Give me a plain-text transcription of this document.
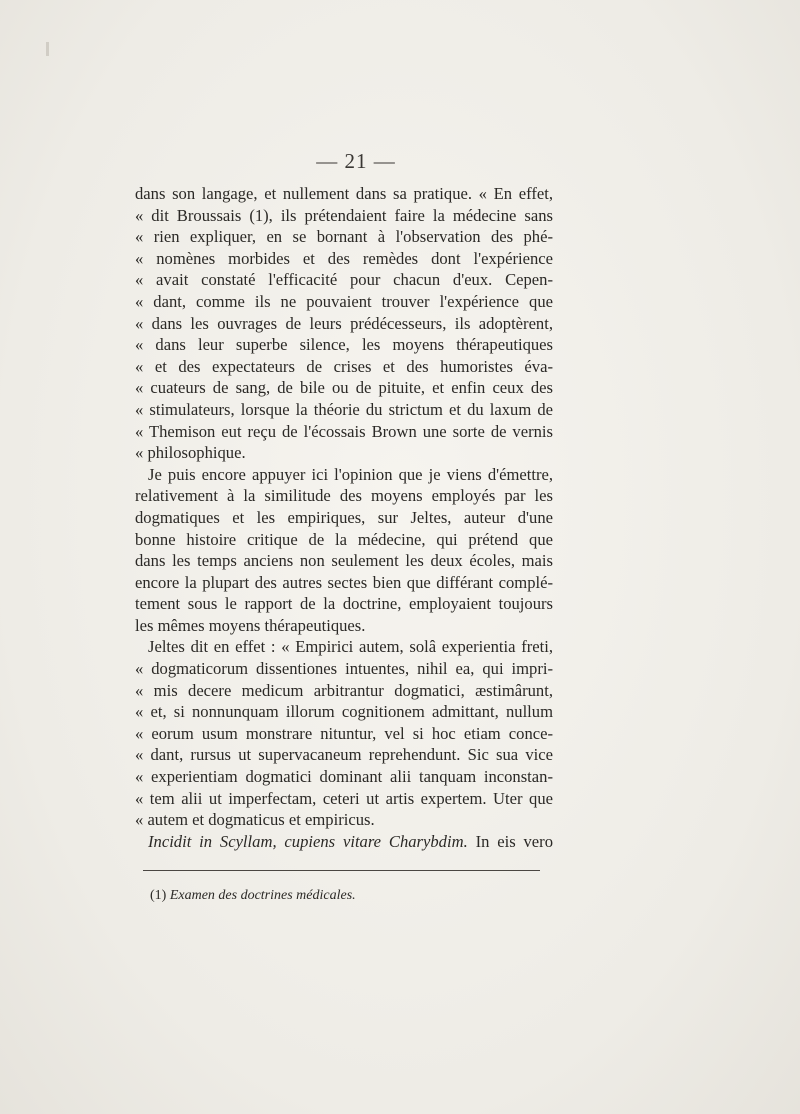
— 21 —
dans son langage, et nullement dans sa pratique. « En effet,
« dit Broussais (1), ils prétendaient faire la médecine sans
« rien expliquer, en se bornant à l'observation des phé-
« nomènes morbides et des remèdes dont l'expérience
« avait constaté l'efficacité pour chacun d'eux. Cepen-
« dant, comme ils ne pouvaient trouver l'expérience que
« dans les ouvrages de leurs prédécesseurs, ils adoptèrent,
« dans leur superbe silence, les moyens thérapeutiques
« et des expectateurs de crises et des humoristes éva-
« cuateurs de sang, de bile ou de pituite, et enfin ceux des
« stimulateurs, lorsque la théorie du strictum et du laxum de
« Themison eut reçu de l'écossais Brown une sorte de vernis
« philosophique.
Je puis encore appuyer ici l'opinion que je viens d'émettre,
relativement à la similitude des moyens employés par les
dogmatiques et les empiriques, sur Jeltes, auteur d'une
bonne histoire critique de la médecine, qui prétend que
dans les temps anciens non seulement les deux écoles, mais
encore la plupart des autres sectes bien que différant complé-
tement sous le rapport de la doctrine, employaient toujours
les mêmes moyens thérapeutiques.
Jeltes dit en effet : « Empirici autem, solâ experientia freti,
« dogmaticorum dissentiones intuentes, nihil ea, qui impri-
« mis decere medicum arbitrantur dogmatici, æstimârunt,
« et, si nonnunquam illorum cognitionem admittant, nullum
« eorum usum monstrare nituntur, vel si hoc etiam conce-
« dant, rursus ut supervacaneum reprehendunt. Sic sua vice
« experientiam dogmatici dominant alii tanquam inconstan-
« tem alii ut imperfectam, ceteri ut artis expertem. Uter que
« autem et dogmaticus et empiricus.
Incidit in Scyllam, cupiens vitare Charybdim. In eis vero
(1) Examen des doctrines médicales.
